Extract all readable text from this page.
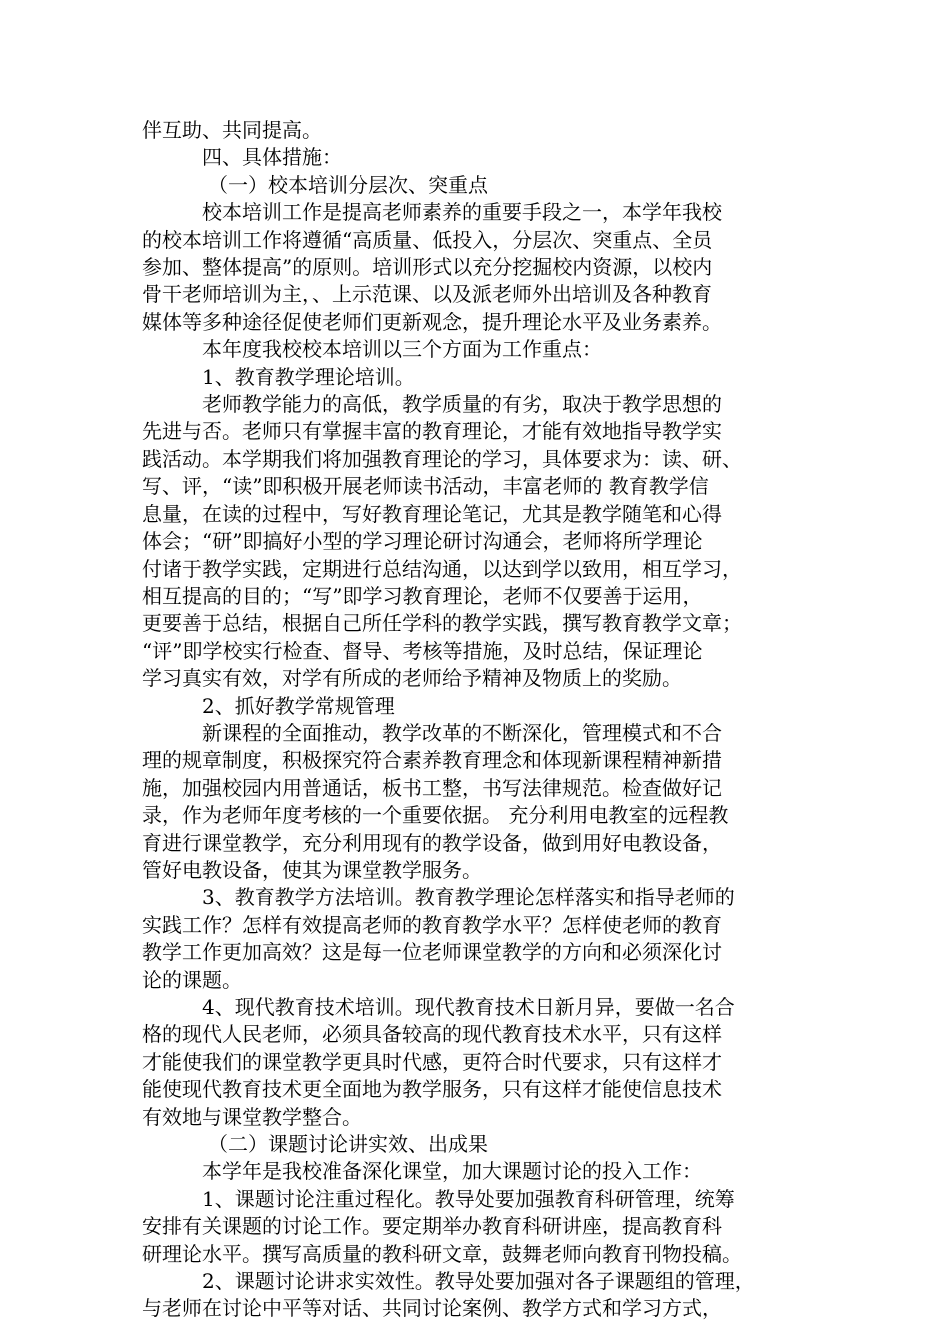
伴互助、共同提高。
四、具体措施：
（一）校本培训分层次、突重点
校本培训工作是提高老师素养的重要手段之一，本学年我校
的校本培训工作将遵循“高质量、低投入，分层次、突重点、全员
参加、整体提高”的原则。培训形式以充分挖掘校内资源，以校内
骨干老师培训为主，、上示范课、以及派老师外出培训及各种教育
媒体等多种途径促使老师们更新观念，提升理论水平及业务素养。
本年度我校校本培训以三个方面为工作重点：
1、教育教学理论培训。
老师教学能力的高低，教学质量的有劣，取决于教学思想的
先进与否。老师只有掌握丰富的教育理论，才能有效地指导教学实
践活动。本学期我们将加强教育理论的学习，具体要求为：读、研、
写、评，“读”即积极开展老师读书活动，丰富老师的 教育教学信
息量，在读的过程中，写好教育理论笔记，尤其是教学随笔和心得
体会；“研”即搞好小型的学习理论研讨沟通会，老师将所学理论
付诸于教学实践，定期进行总结沟通，以达到学以致用，相互学习，
相互提高的目的；“写”即学习教育理论，老师不仅要善于运用，
更要善于总结，根据自己所任学科的教学实践，撰写教育教学文章；
“评”即学校实行检查、督导、考核等措施，及时总结，保证理论
学习真实有效，对学有所成的老师给予精神及物质上的奖励。
2、抓好教学常规管理
新课程的全面推动，教学改革的不断深化，管理模式和不合
理的规章制度，积极探究符合素养教育理念和体现新课程精神新措
施，加强校园内用普通话，板书工整，书写法律规范。检查做好记
录，作为老师年度考核的一个重要依据。 充分利用电教室的远程教
育进行课堂教学，充分利用现有的教学设备，做到用好电教设备，
管好电教设备，使其为课堂教学服务。
3、教育教学方法培训。教育教学理论怎样落实和指导老师的
实践工作？怎样有效提高老师的教育教学水平？怎样使老师的教育
教学工作更加高效？这是每一位老师课堂教学的方向和必须深化讨
论的课题。
4、现代教育技术培训。现代教育技术日新月异，要做一名合
格的现代人民老师，必须具备较高的现代教育技术水平，只有这样
才能使我们的课堂教学更具时代感，更符合时代要求，只有这样才
能使现代教育技术更全面地为教学服务，只有这样才能使信息技术
有效地与课堂教学整合。
（二）课题讨论讲实效、出成果
本学年是我校准备深化课堂，加大课题讨论的投入工作：
1、课题讨论注重过程化。教导处要加强教育科研管理，统筹
安排有关课题的讨论工作。要定期举办教育科研讲座，提高教育科
研理论水平。撰写高质量的教科研文章，鼓舞老师向教育刊物投稿。
2、课题讨论讲求实效性。教导处要加强对各子课题组的管理，
与老师在讨论中平等对话、共同讨论案例、教学方式和学习方式，
